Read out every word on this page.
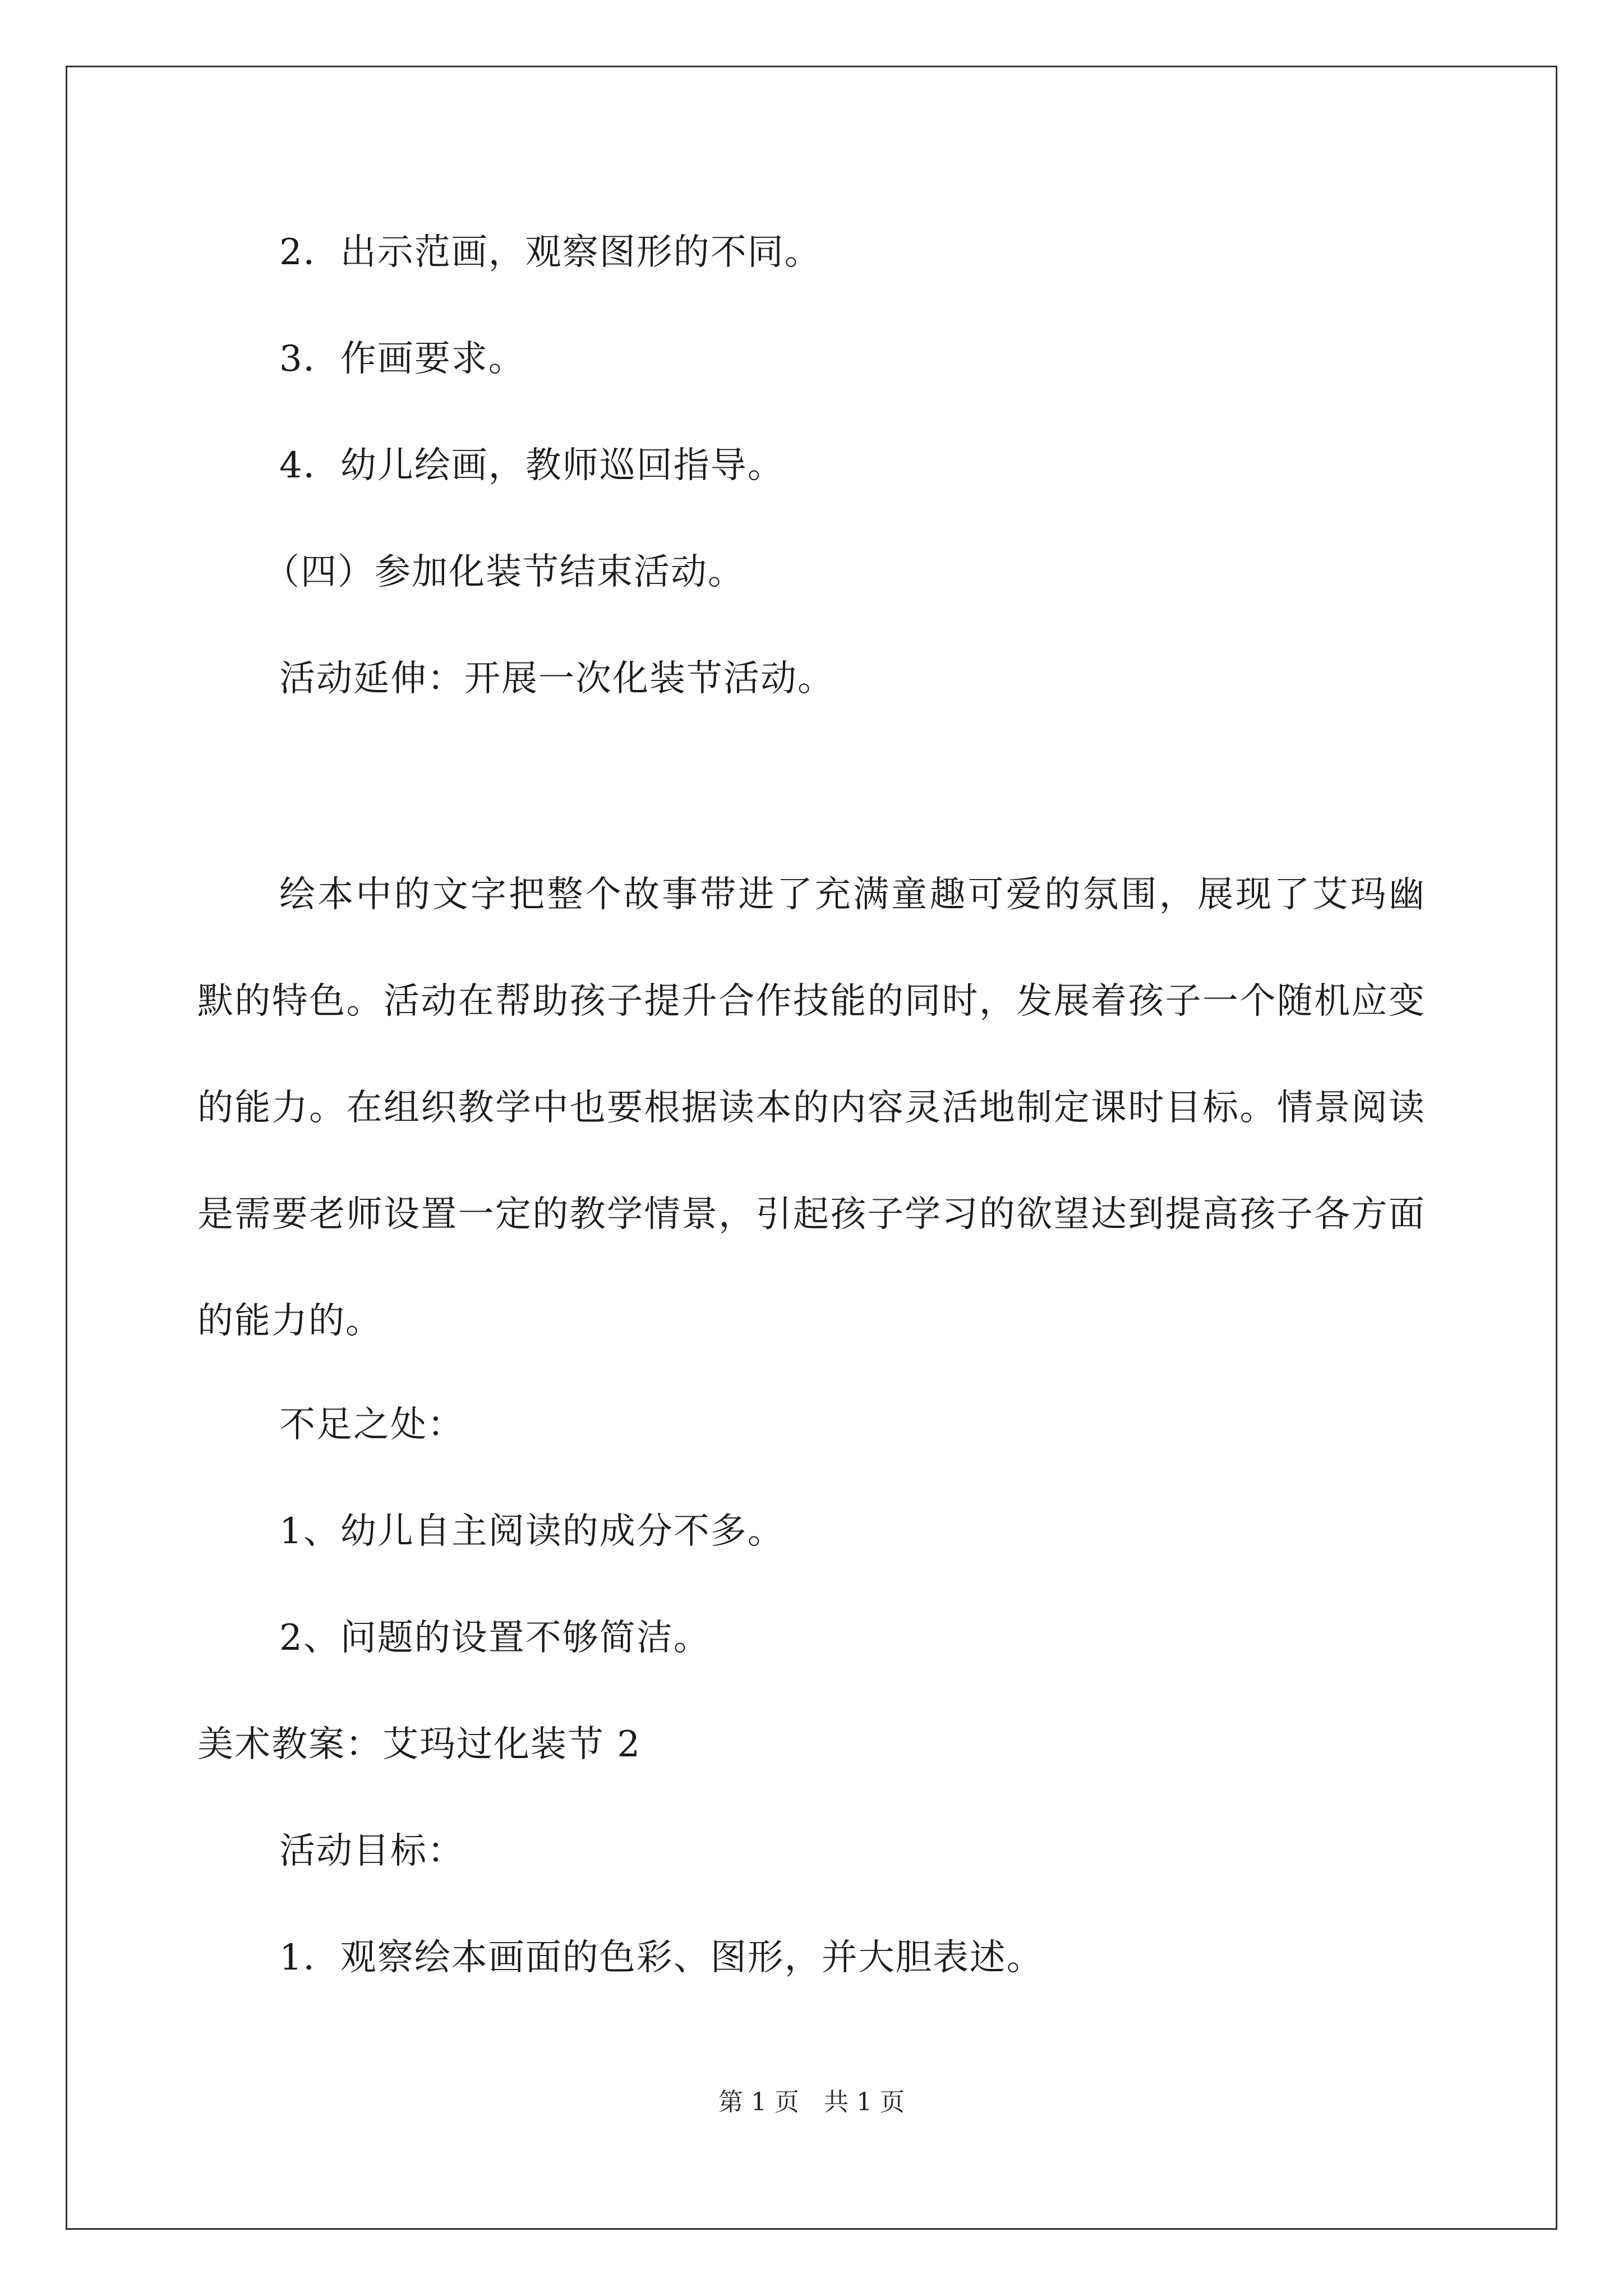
2．出示范画，观察图形的不同。
3．作画要求。
4．幼儿绘画，教师巡回指导。
（四）参加化装节结束活动。
活动延伸：开展一次化装节活动。
绘本中的文字把整个故事带进了充满童趣可爱的氛围，展现了艾玛幽默的特色。活动在帮助孩子提升合作技能的同时，发展着孩子一个随机应变的能力。在组织教学中也要根据读本的内容灵活地制定课时目标。情景阅读是需要老师设置一定的教学情景，引起孩子学习的欲望达到提高孩子各方面的能力的。
不足之处：
1、幼儿自主阅读的成分不多。
2、问题的设置不够简洁。
美术教案：艾玛过化装节 2
活动目标：
1．观察绘本画面的色彩、图形，并大胆表述。
第 1 页　共 1 页
